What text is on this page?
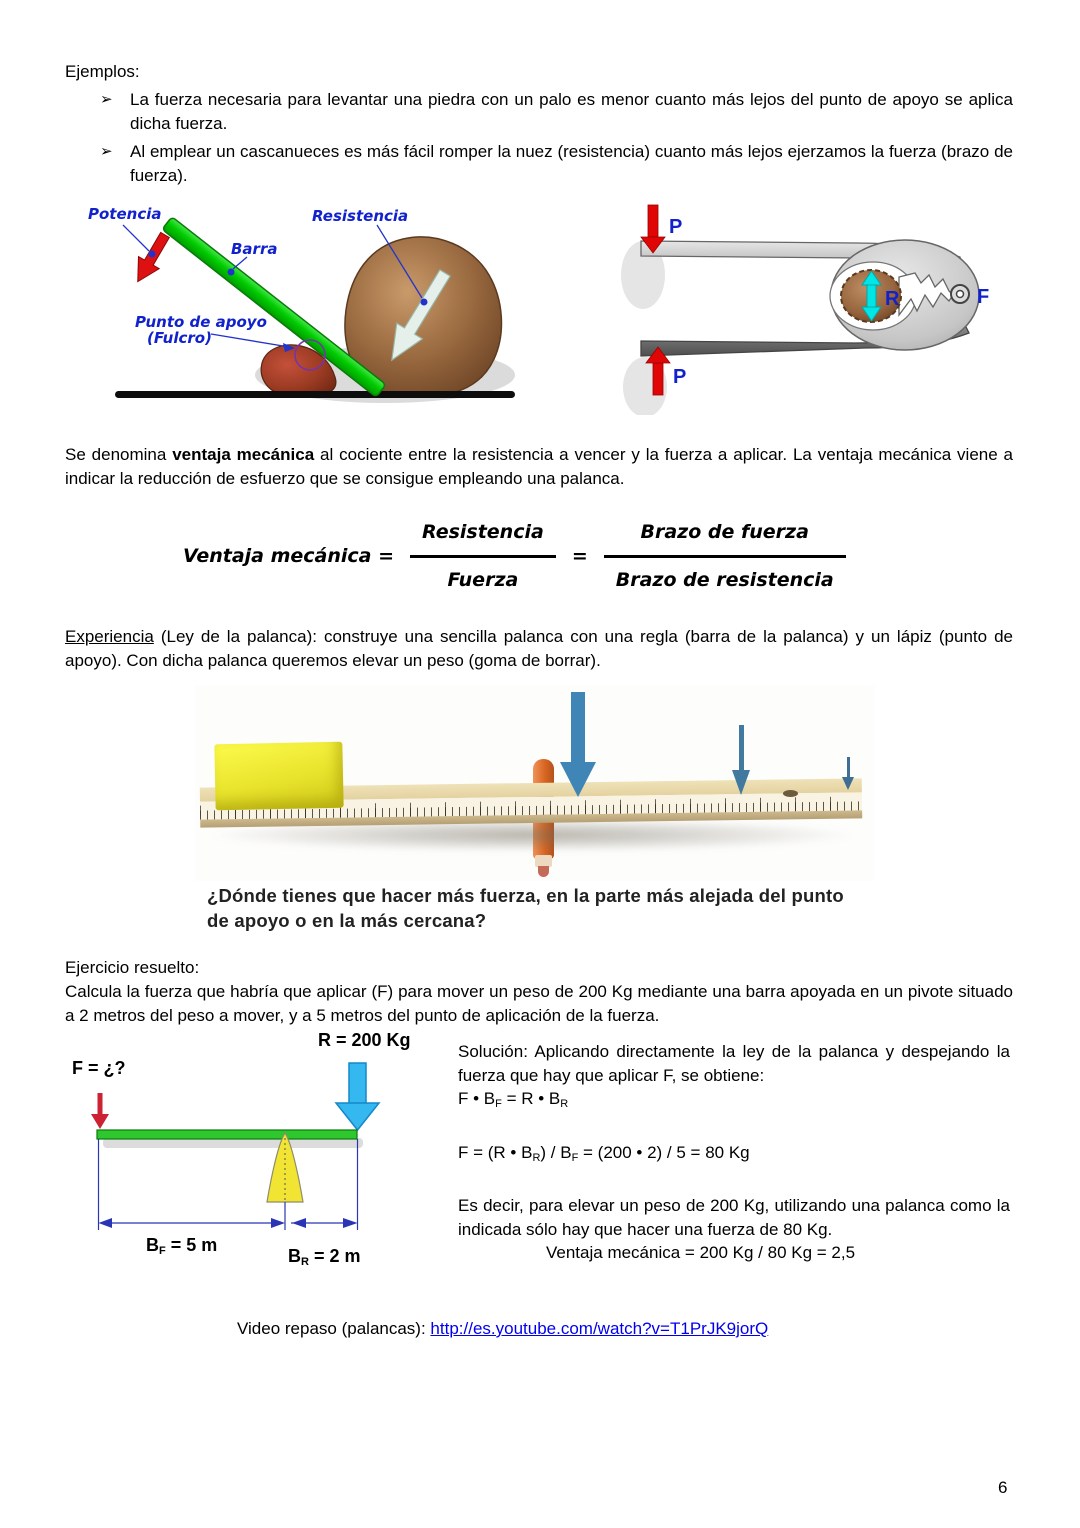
Ejemplos:
➢ La fuerza necesaria para levantar una piedra con un palo es menor cuanto más lejos del punto de apoyo se aplica dicha fuerza.
➢ Al emplear un cascanueces es más fácil romper la nuez (resistencia) cuanto más lejos ejerzamos la fuerza (brazo de fuerza).
Potencia
Barra
Resistencia
Punto de apoyo
(Fulcro)
P
P
R	F

Se denomina ventaja mecánica al cociente entre la resistencia a vencer y la fuerza a aplicar. La ventaja mecánica viene a indicar la reducción de esfuerzo que se consigue empleando una palanca.

Ventaja mecánica = $\frac{\text{Resistencia}}{\text{Fuerza}} = \frac{\text{Brazo de fuerza}}{\text{Brazo de resistencia}}$

Experiencia (Ley de la palanca): construye una sencilla palanca con una regla (barra de la palanca) y un lápiz (punto de apoyo). Con dicha palanca queremos elevar un peso (goma de borrar).

¿Dónde tienes que hacer más fuerza, en la parte más alejada del punto
de apoyo o en la más cercana?
Ejercicio resuelto:

Calcula la fuerza que habría que aplicar (F) para mover un peso de 200 Kg mediante una barra apoyada en un pivote situado a 2 metros del peso a mover, y a 5 metros del punto de aplicación de la fuerza.

R = 200 Kg
F = ¿?
$B_F = 5$ m
$B_R = 2$ m

Solución: Aplicando directamente la ley de la palanca y despejando la fuerza que hay que aplicar F, se obtiene:

F • $B_F = R$ • $B_R$
F = (R • $B_R) / B_F = (200$ • 2) / 5 = 80 Kg

Es decir, para elevar un peso de 200 Kg, utilizando una palanca como la indicada sólo hay que hacer una fuerza de 80 Kg.

Ventaja mecánica = 200 Kg / 80 Kg = 2,5
Video repaso (palancas): http://es.youtube.com/watch?v=T1PrJK9jorQ
6
